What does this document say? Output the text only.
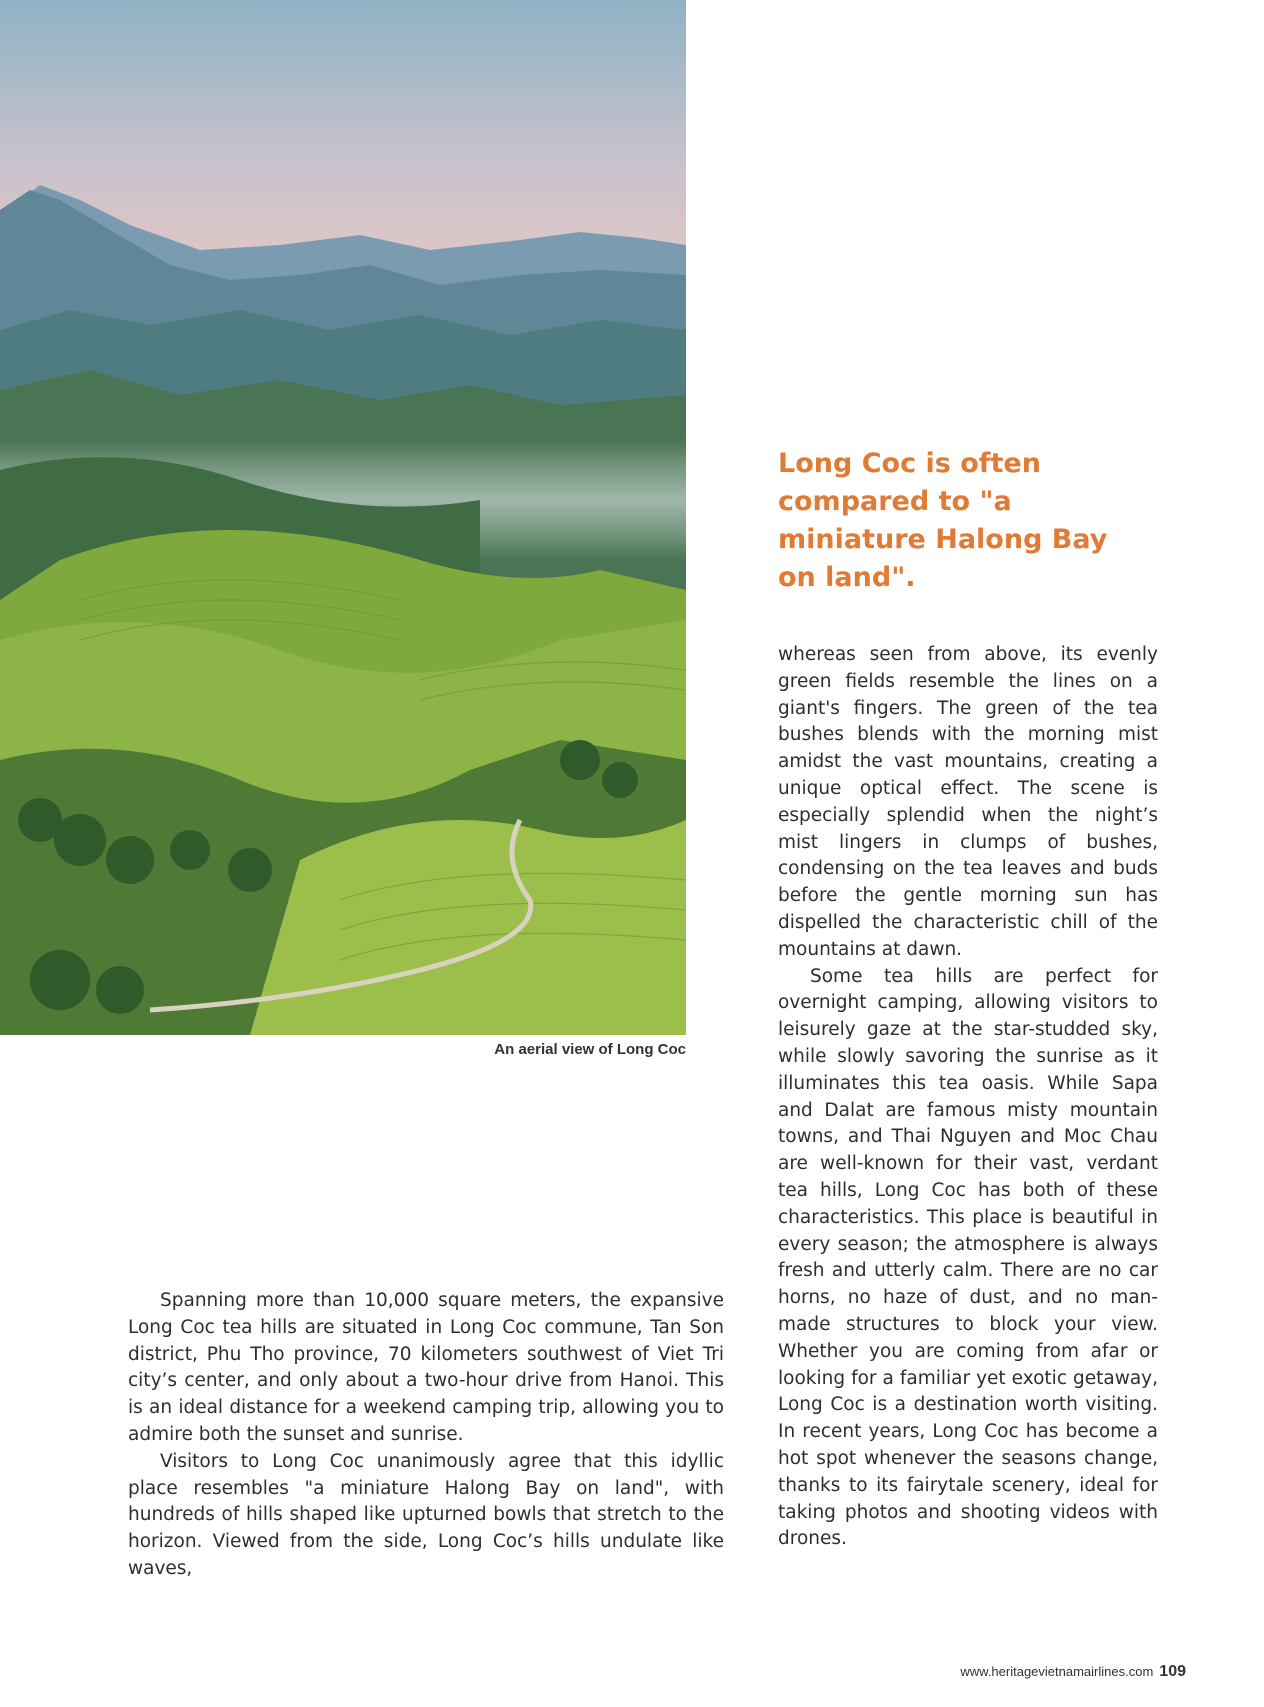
An aerial view of Long Coc
Long Coc is often compared to "a miniature Halong Bay on land".

Spanning more than 10,000 square meters, the expansive Long Coc tea hills are situated in Long Coc commune, Tan Son district, Phu Tho province, 70 kilometers southwest of Viet Tri city’s center, and only about a two-hour drive from Hanoi. This is an ideal distance for a weekend camping trip, allowing you to admire both the sunset and sunrise.

Visitors to Long Coc unanimously agree that this idyllic place resembles "a miniature Halong Bay on land", with hundreds of hills shaped like upturned bowls that stretch to the horizon. Viewed from the side, Long Coc’s hills undulate like waves,

whereas seen from above, its evenly green fields resemble the lines on a giant's fingers. The green of the tea bushes blends with the morning mist amidst the vast mountains, creating a unique optical effect. The scene is especially splendid when the night’s mist lingers in clumps of bushes, condensing on the tea leaves and buds before the gentle morning sun has dispelled the characteristic chill of the mountains at dawn.

Some tea hills are perfect for overnight camping, allowing visitors to leisurely gaze at the star-studded sky, while slowly savoring the sunrise as it illuminates this tea oasis. While Sapa and Dalat are famous misty mountain towns, and Thai Nguyen and Moc Chau are well-known for their vast, verdant tea hills, Long Coc has both of these characteristics. This place is beautiful in every season; the atmosphere is always fresh and utterly calm. There are no car horns, no haze of dust, and no man-made structures to block your view. Whether you are coming from afar or looking for a familiar yet exotic getaway, Long Coc is a destination worth visiting. In recent years, Long Coc has become a hot spot whenever the seasons change, thanks to its fairytale scenery, ideal for taking photos and shooting videos with drones.

www.heritagevietnamairlines.com 109
